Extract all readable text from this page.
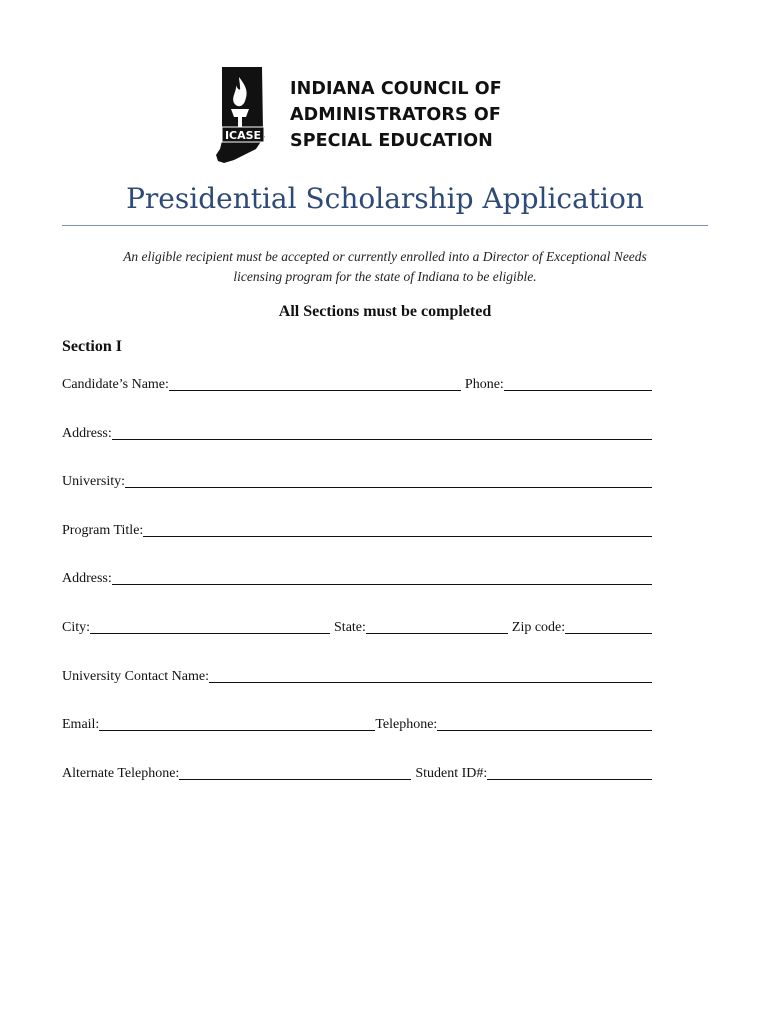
ICASE
INDIANA COUNCIL OF
ADMINISTRATORS OF
SPECIAL EDUCATION
Presidential Scholarship Application
An eligible recipient must be accepted or currently enrolled into a Director of Exceptional Needs
licensing program for the state of Indiana to be eligible.
All Sections must be completed
Section I
Candidate’s Name:	Phone:
Address:
University:
Program Title:
Address:
City:	State:	Zip code:
University Contact Name:
Email:	Telephone:
Alternate Telephone:	Student ID#:
